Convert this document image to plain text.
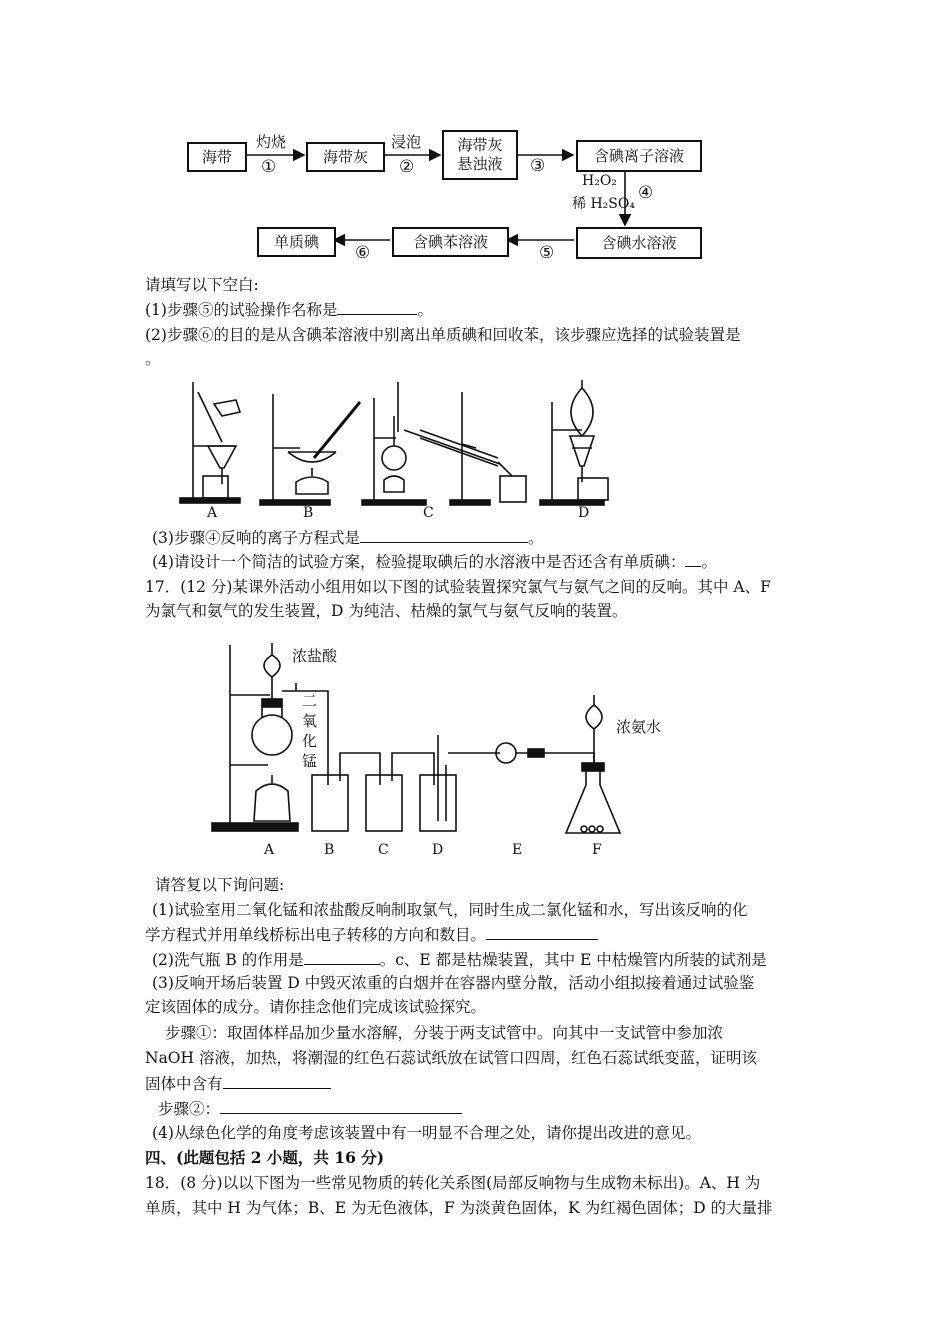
海带	海带灰
海带灰
悬浊液	含碘离子溶液
含碘水溶液
含碘苯溶液
单质碘
灼烧
①
浸泡
②	③
H₂O₂
稀 H₂SO₄
④
⑤
⑥
请填写以下空白:
(1)步骤⑤的试验操作名称是	。
(2)步骤⑥的目的是从含碘苯溶液中别离出单质碘和回收苯，该步骤应选择的试验装置是
。
A	B	C	D
(3)步骤④反响的离子方程式是	。
(4)请设计一个简洁的试验方案，检验提取碘后的水溶液中是否还含有单质碘： 。
17．(12 分)某课外活动小组用如以下图的试验装置探究氯气与氨气之间的反响。其中 A、F
为氯气和氨气的发生装置，D 为纯洁、枯燥的氯气与氨气反响的装置。
浓盐酸
二
氧
化
锰
浓氨水
A	B	C	D	E	F
请答复以下询问题:
(1)试验室用二氧化锰和浓盐酸反响制取氯气，同时生成二氯化锰和水，写出该反响的化
学方程式并用单线桥标出电子转移的方向和数目。
(2)洗气瓶 B 的作用是	。c、E 都是枯燥装置，其中 E 中枯燥管内所装的试剂是
(3)反响开场后装置 D 中毁灭浓重的白烟并在容器内壁分散，活动小组拟接着通过试验鉴
定该固体的成分。请你挂念他们完成该试验探究。
步骤①：取固体样品加少量水溶解，分装于两支试管中。向其中一支试管中参加浓
NaOH 溶液，加热，将潮湿的红色石蕊试纸放在试管口四周，红色石蕊试纸变蓝，证明该
固体中含有
步骤②：
(4)从绿色化学的角度考虑该装置中有一明显不合理之处，请你提出改进的意见。
四、(此题包括 2 小题，共 16 分)
18．(8 分)以以下图为一些常见物质的转化关系图(局部反响物与生成物未标出)。A、H 为
单质，其中 H 为气体；B、E 为无色液体，F 为淡黄色固体，K 为红褐色固体；D 的大量排
